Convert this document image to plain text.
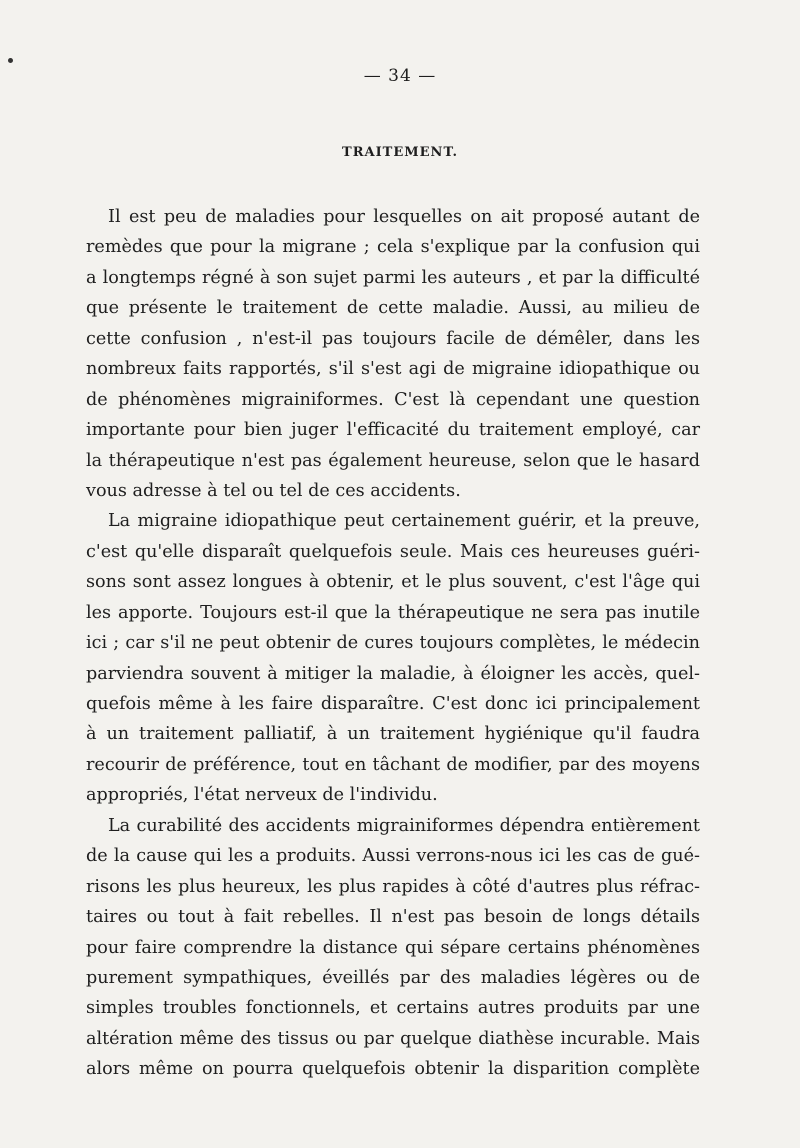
— 34 —
TRAITEMENT.
Il est peu de maladies pour lesquelles on ait proposé autant de
remèdes que pour la migrane ; cela s'explique par la confusion qui
a longtemps régné à son sujet parmi les auteurs , et par la difficulté
que présente le traitement de cette maladie. Aussi, au milieu de
cette confusion , n'est-il pas toujours facile de démêler, dans les
nombreux faits rapportés, s'il s'est agi de migraine idiopathique ou
de phénomènes migrainiformes. C'est là cependant une question
importante pour bien juger l'efficacité du traitement employé, car
la thérapeutique n'est pas également heureuse, selon que le hasard
vous adresse à tel ou tel de ces accidents.
La migraine idiopathique peut certainement guérir, et la preuve,
c'est qu'elle disparaît quelquefois seule. Mais ces heureuses guéri-
sons sont assez longues à obtenir, et le plus souvent, c'est l'âge qui
les apporte. Toujours est-il que la thérapeutique ne sera pas inutile
ici ; car s'il ne peut obtenir de cures toujours complètes, le médecin
parviendra souvent à mitiger la maladie, à éloigner les accès, quel-
quefois même à les faire disparaître. C'est donc ici principalement
à un traitement palliatif, à un traitement hygiénique qu'il faudra
recourir de préférence, tout en tâchant de modifier, par des moyens
appropriés, l'état nerveux de l'individu.
La curabilité des accidents migrainiformes dépendra entièrement
de la cause qui les a produits. Aussi verrons-nous ici les cas de gué-
risons les plus heureux, les plus rapides à côté d'autres plus réfrac-
taires ou tout à fait rebelles. Il n'est pas besoin de longs détails
pour faire comprendre la distance qui sépare certains phénomènes
purement sympathiques, éveillés par des maladies légères ou de
simples troubles fonctionnels, et certains autres produits par une
altération même des tissus ou par quelque diathèse incurable. Mais
alors même on pourra quelquefois obtenir la disparition complète
